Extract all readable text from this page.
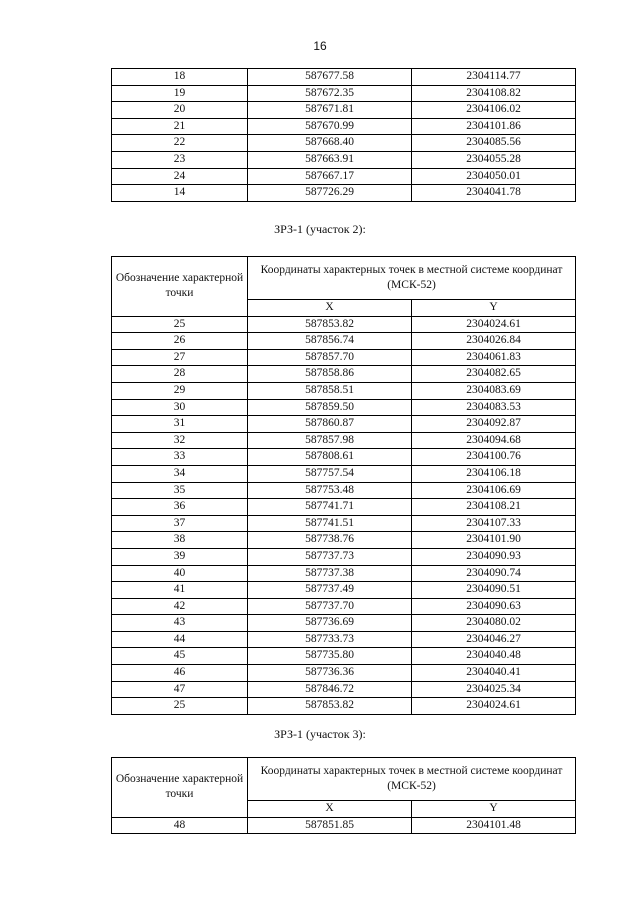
16
18	587677.58	2304114.77
19	587672.35	2304108.82
20	587671.81	2304106.02
21	587670.99	2304101.86
22	587668.40	2304085.56
23	587663.91	2304055.28
24	587667.17	2304050.01
14	587726.29	2304041.78
ЗРЗ-1 (участок 2):
Обозначение характерной точки	Координаты характерных точек в местной системе координат (МСК-52)	
	X	Y
25	587853.82	2304024.61
26	587856.74	2304026.84
27	587857.70	2304061.83
28	587858.86	2304082.65
29	587858.51	2304083.69
30	587859.50	2304083.53
31	587860.87	2304092.87
32	587857.98	2304094.68
33	587808.61	2304100.76
34	587757.54	2304106.18
35	587753.48	2304106.69
36	587741.71	2304108.21
37	587741.51	2304107.33
38	587738.76	2304101.90
39	587737.73	2304090.93
40	587737.38	2304090.74
41	587737.49	2304090.51
42	587737.70	2304090.63
43	587736.69	2304080.02
44	587733.73	2304046.27
45	587735.80	2304040.48
46	587736.36	2304040.41
47	587846.72	2304025.34
25	587853.82	2304024.61
ЗРЗ-1 (участок 3):
Обозначение характерной точки	Координаты характерных точек в местной системе координат (МСК-52)	
	X	Y
48	587851.85	2304101.48
